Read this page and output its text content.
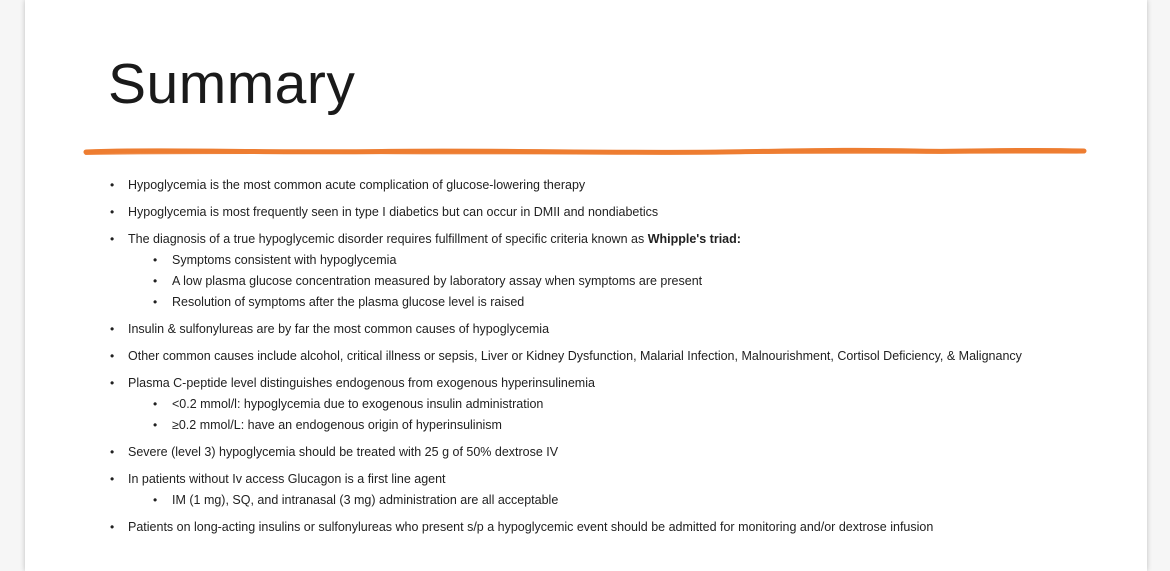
Summary
• Hypoglycemia is the most common acute complication of glucose-lowering therapy
• Hypoglycemia is most frequently seen in type I diabetics but can occur in DMII and nondiabetics
• The diagnosis of a true hypoglycemic disorder requires fulfillment of specific criteria known as Whipple's triad:
• Symptoms consistent with hypoglycemia
• A low plasma glucose concentration measured by laboratory assay when symptoms are present
• Resolution of symptoms after the plasma glucose level is raised
• Insulin & sulfonylureas are by far the most common causes of hypoglycemia
• Other common causes include alcohol, critical illness or sepsis, Liver or Kidney Dysfunction, Malarial Infection, Malnourishment, Cortisol Deficiency, & Malignancy
• Plasma C-peptide level distinguishes endogenous from exogenous hyperinsulinemia
• <0.2 mmol/l: hypoglycemia due to exogenous insulin administration
• ≥0.2 mmol/L: have an endogenous origin of hyperinsulinism
• Severe (level 3) hypoglycemia should be treated with 25 g of 50% dextrose IV
• In patients without Iv access Glucagon is a first line agent
• IM (1 mg), SQ, and intranasal (3 mg) administration are all acceptable
• Patients on long-acting insulins or sulfonylureas who present s/p a hypoglycemic event should be admitted for monitoring and/or dextrose infusion
